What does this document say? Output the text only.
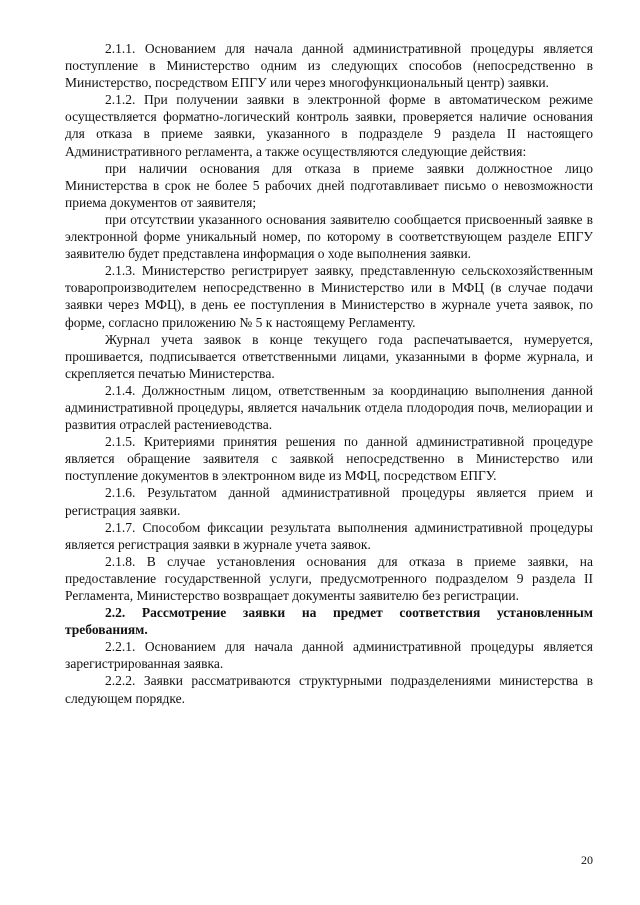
2.1.1. Основанием для начала данной административной процедуры является поступление в Министерство одним из следующих способов (непосредственно в Министерство, посредством ЕПГУ или через многофункциональный центр) заявки.

2.1.2. При получении заявки в электронной форме в автоматическом режиме осуществляется форматно-логический контроль заявки, проверяется наличие основания для отказа в приеме заявки, указанного в подразделе 9 раздела II настоящего Административного регламента, а также осуществляются следующие действия:

при наличии основания для отказа в приеме заявки должностное лицо Министерства в срок не более 5 рабочих дней подготавливает письмо о невозможности приема документов от заявителя;

при отсутствии указанного основания заявителю сообщается присвоенный заявке в электронной форме уникальный номер, по которому в соответствующем разделе ЕПГУ заявителю будет представлена информация о ходе выполнения заявки.

2.1.3. Министерство регистрирует заявку, представленную сельскохозяйственным товаропроизводителем непосредственно в Министерство или в МФЦ (в случае подачи заявки через МФЦ), в день ее поступления в Министерство в журнале учета заявок, по форме, согласно приложению № 5 к настоящему Регламенту.

Журнал учета заявок в конце текущего года распечатывается, нумеруется, прошивается, подписывается ответственными лицами, указанными в форме журнала, и скрепляется печатью Министерства.

2.1.4. Должностным лицом, ответственным за координацию выполнения данной административной процедуры, является начальник отдела плодородия почв, мелиорации и развития отраслей растениеводства.

2.1.5. Критериями принятия решения по данной административной процедуре является обращение заявителя с заявкой непосредственно в Министерство или поступление документов в электронном виде из МФЦ, посредством ЕПГУ.

2.1.6. Результатом данной административной процедуры является прием и регистрация заявки.

2.1.7. Способом фиксации результата выполнения административной процедуры является регистрация заявки в журнале учета заявок.

2.1.8. В случае установления основания для отказа в приеме заявки, на предоставление государственной услуги, предусмотренного подразделом 9 раздела II Регламента, Министерство возвращает документы заявителю без регистрации.

2.2. Рассмотрение заявки на предмет соответствия установленным требованиям.

2.2.1. Основанием для начала данной административной процедуры является зарегистрированная заявка.

2.2.2. Заявки рассматриваются структурными подразделениями министерства в следующем порядке.

20
